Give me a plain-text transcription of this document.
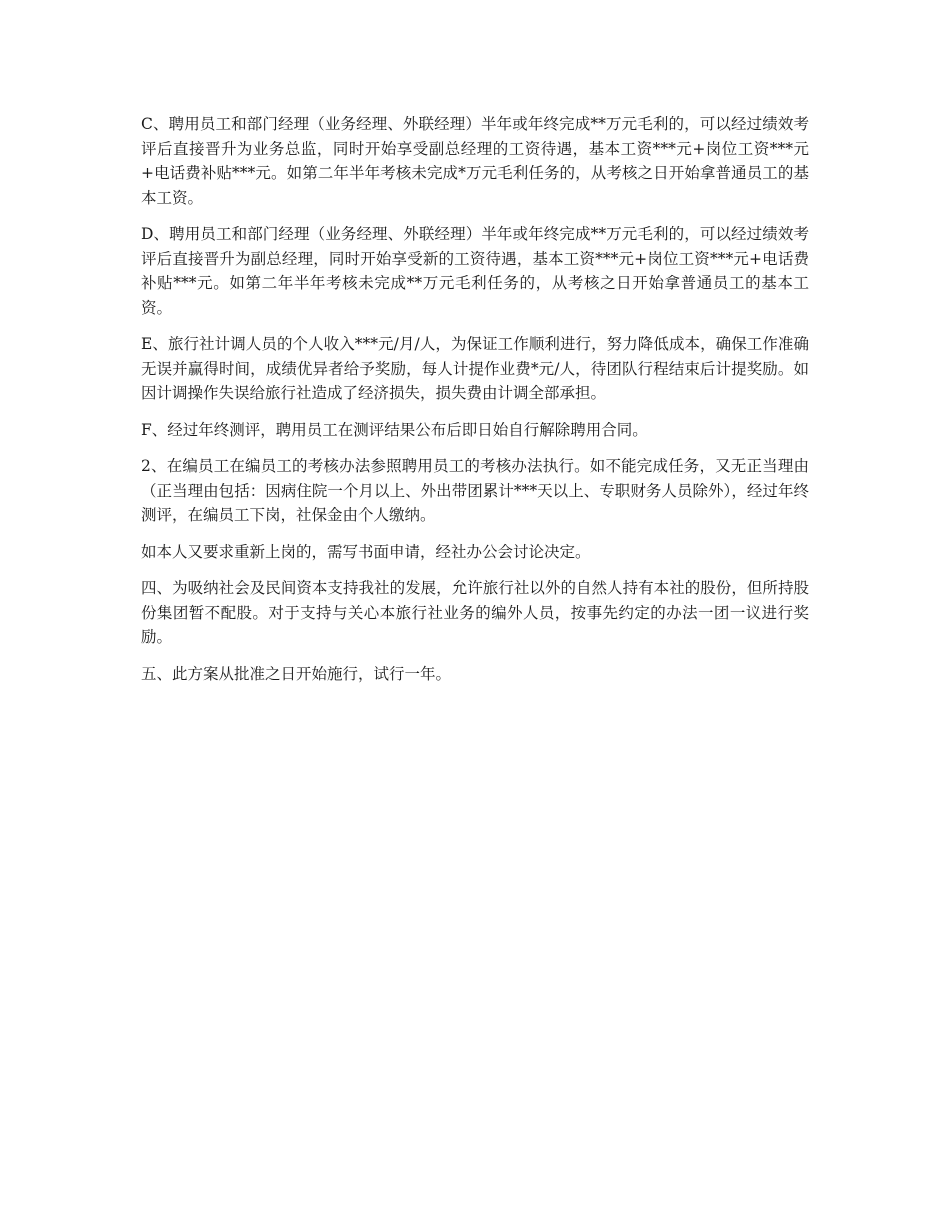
C、聘用员工和部门经理（业务经理、外联经理）半年或年终完成**万元毛利的，可以经过绩效考评后直接晋升为业务总监，同时开始享受副总经理的工资待遇，基本工资***元+岗位工资***元+电话费补贴***元。如第二年半年考核未完成*万元毛利任务的，从考核之日开始拿普通员工的基本工资。

D、聘用员工和部门经理（业务经理、外联经理）半年或年终完成**万元毛利的，可以经过绩效考评后直接晋升为副总经理，同时开始享受新的工资待遇，基本工资***元+岗位工资***元+电话费补贴***元。如第二年半年考核未完成**万元毛利任务的，从考核之日开始拿普通员工的基本工资。

E、旅行社计调人员的个人收入***元/月/人，为保证工作顺利进行，努力降低成本，确保工作准确无误并赢得时间，成绩优异者给予奖励，每人计提作业费*元/人，待团队行程结束后计提奖励。如因计调操作失误给旅行社造成了经济损失，损失费由计调全部承担。

F、经过年终测评，聘用员工在测评结果公布后即日始自行解除聘用合同。

2、在编员工在编员工的考核办法参照聘用员工的考核办法执行。如不能完成任务，又无正当理由（正当理由包括：因病住院一个月以上、外出带团累计***天以上、专职财务人员除外），经过年终测评，在编员工下岗，社保金由个人缴纳。

如本人又要求重新上岗的，需写书面申请，经社办公会讨论决定。

四、为吸纳社会及民间资本支持我社的发展，允许旅行社以外的自然人持有本社的股份，但所持股份集团暂不配股。对于支持与关心本旅行社业务的编外人员，按事先约定的办法一团一议进行奖励。

五、此方案从批准之日开始施行，试行一年。
